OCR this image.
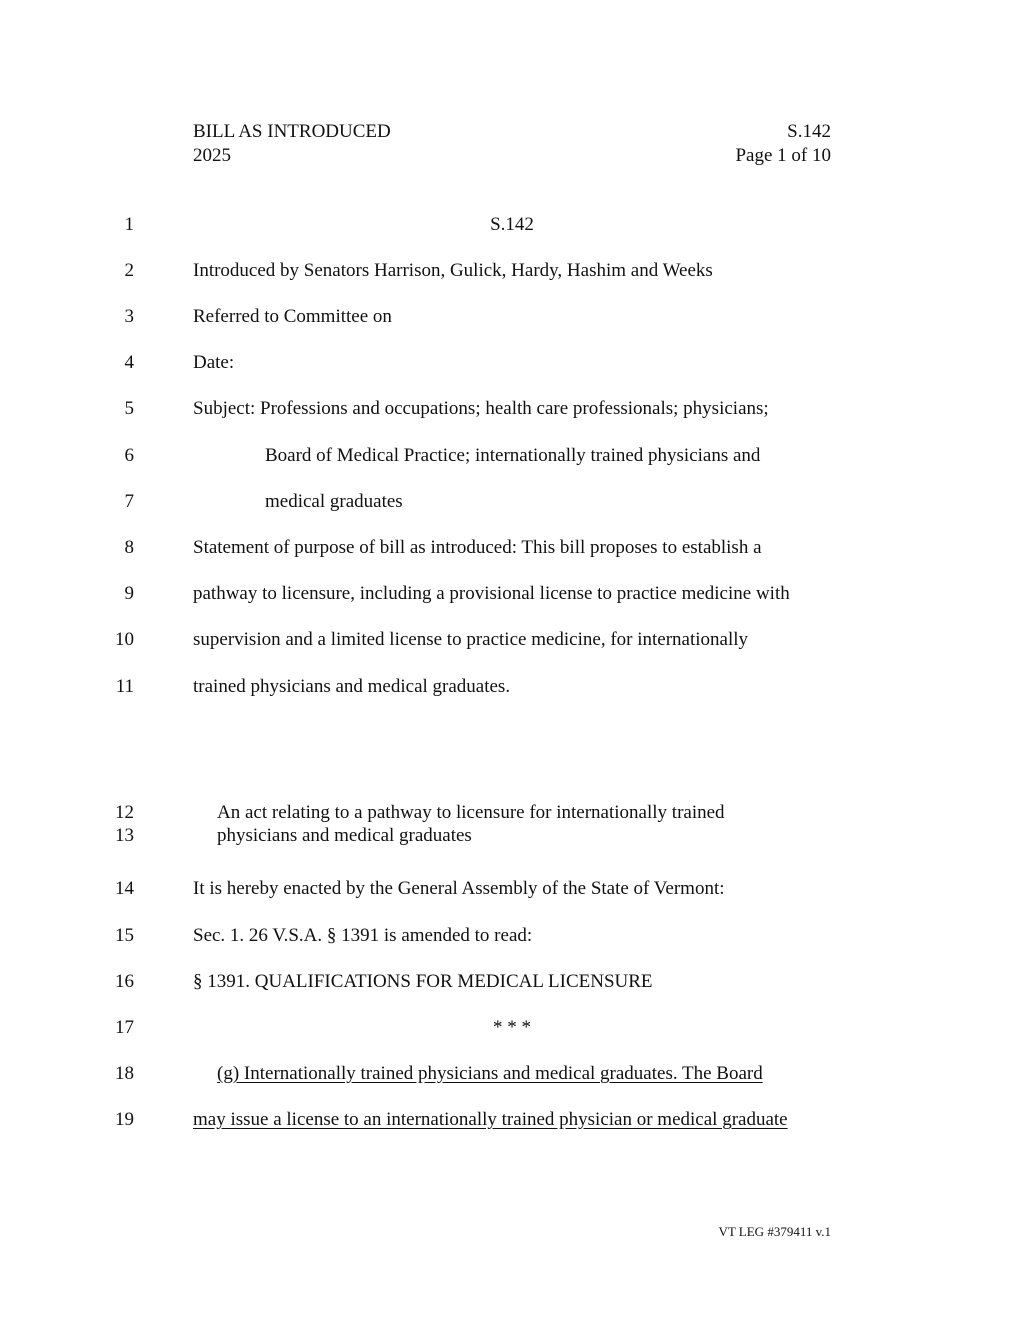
BILL AS INTRODUCED	S.142
2025	Page 1 of 10
1
2
3
4
5
6
7
8
9
10
11
12
13
14
15
16
17
18
19
S.142
Introduced by Senators Harrison, Gulick, Hardy, Hashim and Weeks
Referred to Committee on
Date:
Subject: Professions and occupations; health care professionals; physicians;
Board of Medical Practice; internationally trained physicians and
medical graduates
Statement of purpose of bill as introduced: This bill proposes to establish a
pathway to licensure, including a provisional license to practice medicine with
supervision and a limited license to practice medicine, for internationally
trained physicians and medical graduates.
An act relating to a pathway to licensure for internationally trained
physicians and medical graduates
It is hereby enacted by the General Assembly of the State of Vermont:
Sec. 1. 26 V.S.A. § 1391 is amended to read:
§ 1391. QUALIFICATIONS FOR MEDICAL LICENSURE
* * *
(g) Internationally trained physicians and medical graduates. The Board
may issue a license to an internationally trained physician or medical graduate
VT LEG #379411 v.1
